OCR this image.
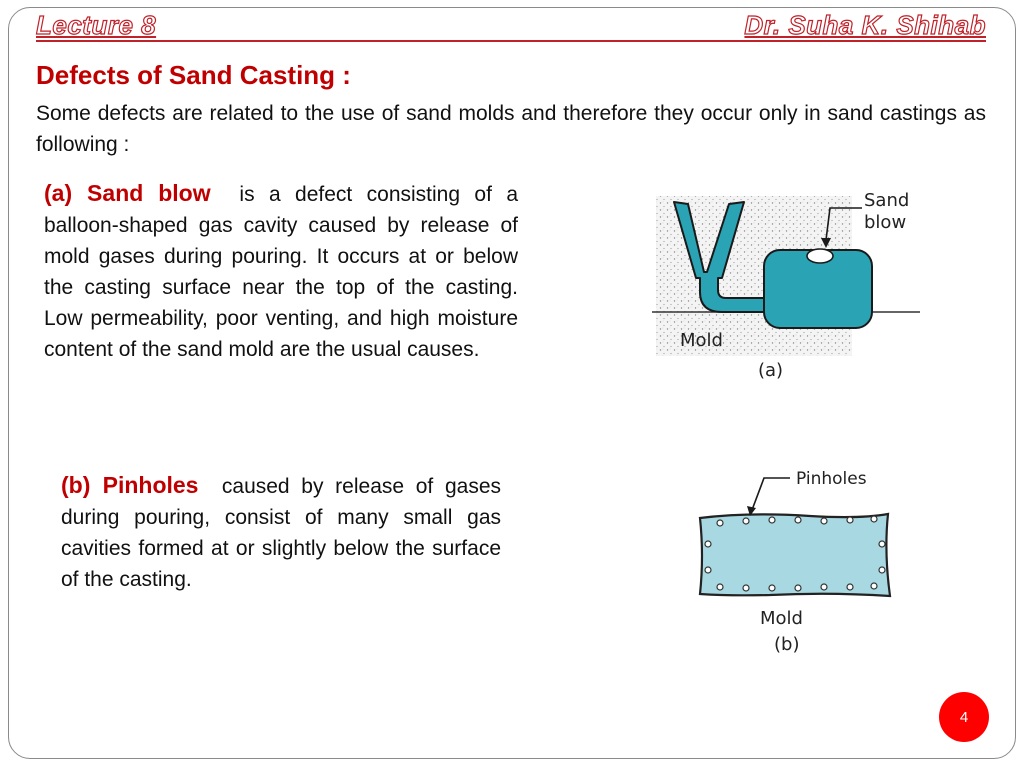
Lecture 8	Dr. Suha K. Shihab
Defects of Sand Casting :
Some defects are related to the use of sand molds and therefore they occur only in sand castings as following :
(a) Sand blow is a defect consisting of a balloon-shaped gas cavity caused by release of mold gases during pouring. It occurs at or below the casting surface near the top of the casting. Low permeability, poor venting, and high moisture content of the sand mold are the usual causes.
(b) Pinholes caused by release of gases during pouring, consist of many small gas cavities formed at or slightly below the surface of the casting.
Sand
blow
Mold
(a)
Pinholes
Mold
(b)
4
